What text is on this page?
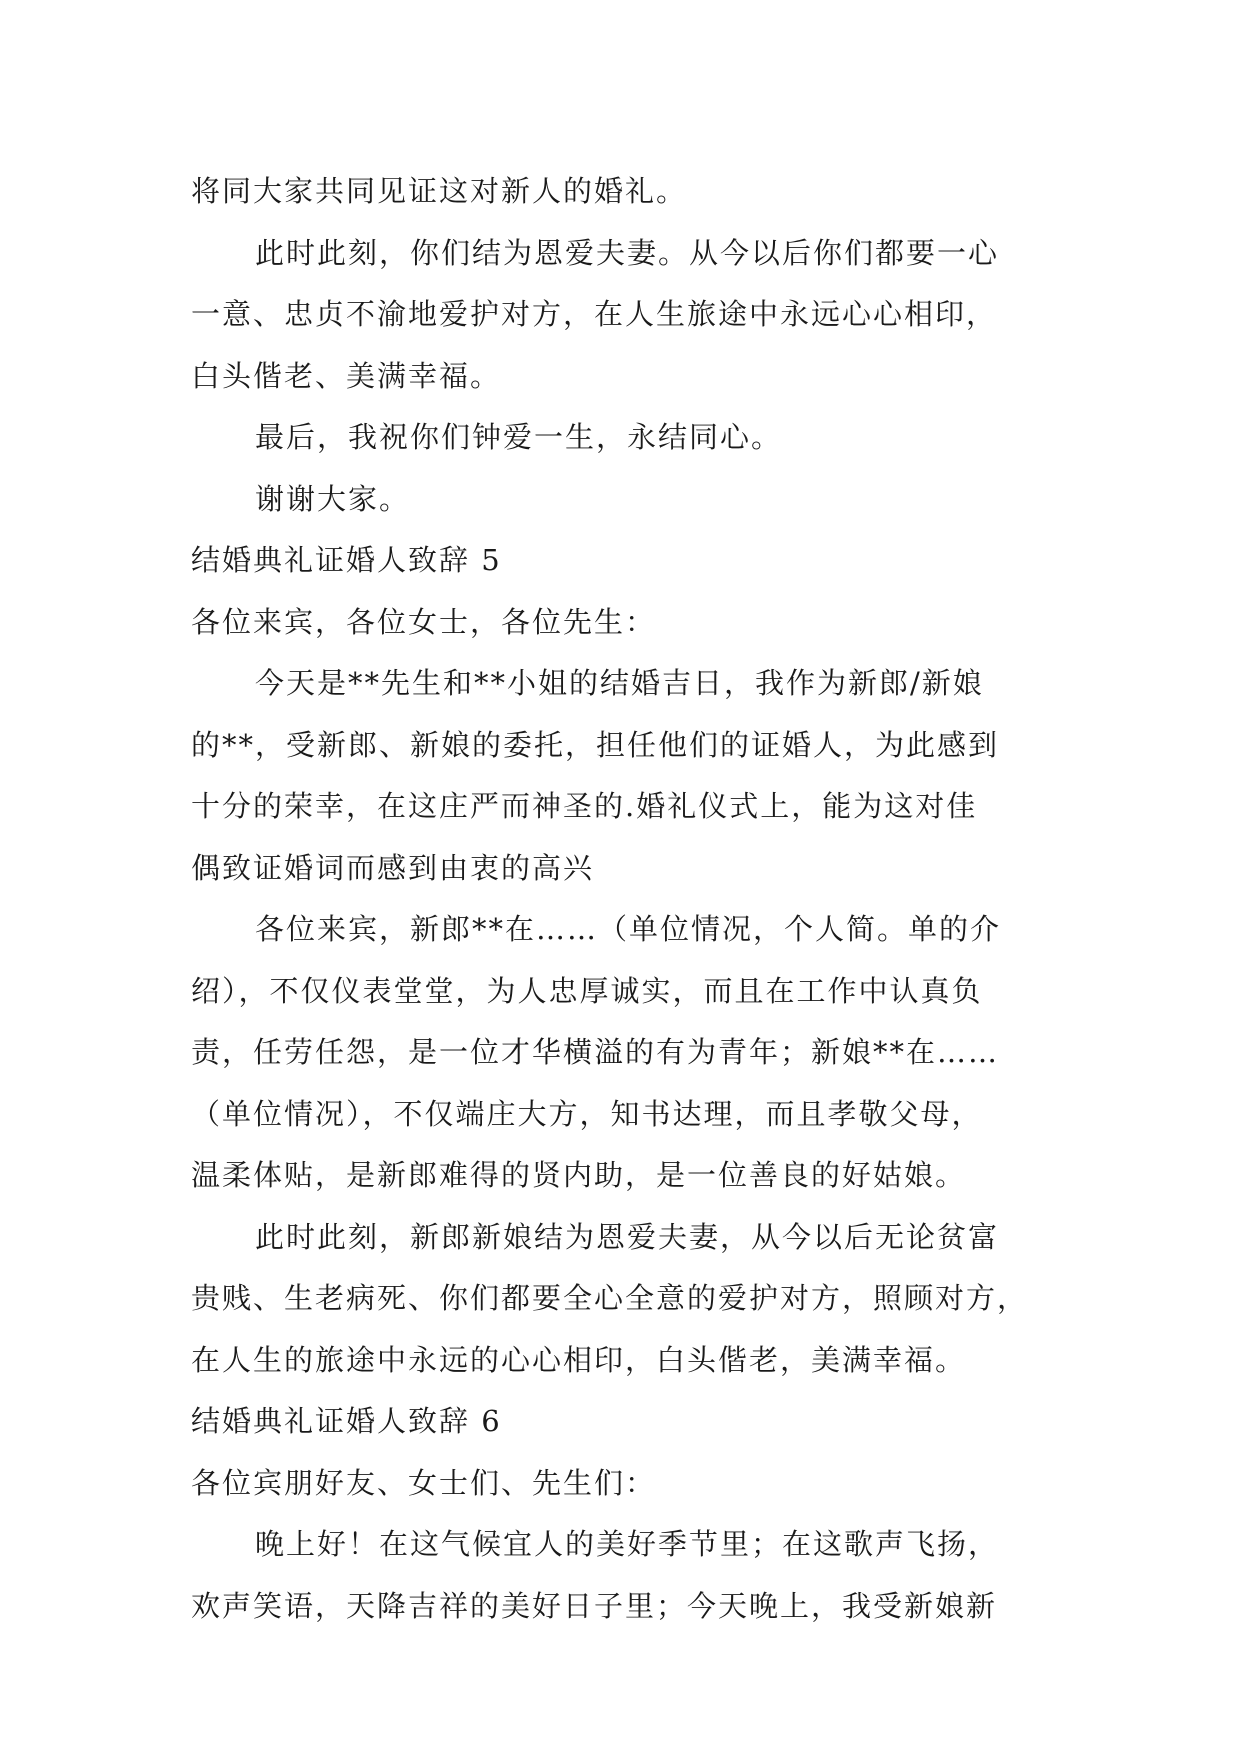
将同大家共同见证这对新人的婚礼。
此时此刻，你们结为恩爱夫妻。从今以后你们都要一心
一意、忠贞不渝地爱护对方，在人生旅途中永远心心相印，
白头偕老、美满幸福。
最后，我祝你们钟爱一生，永结同心。
谢谢大家。
结婚典礼证婚人致辞 5
各位来宾，各位女士，各位先生：
今天是**先生和**小姐的结婚吉日，我作为新郎/新娘
的**，受新郎、新娘的委托，担任他们的证婚人，为此感到
十分的荣幸，在这庄严而神圣的.婚礼仪式上，能为这对佳
偶致证婚词而感到由衷的高兴
各位来宾，新郎**在……（单位情况，个人简。单的介
绍），不仅仪表堂堂，为人忠厚诚实，而且在工作中认真负
责，任劳任怨，是一位才华横溢的有为青年；新娘**在……
（单位情况），不仅端庄大方，知书达理，而且孝敬父母，
温柔体贴，是新郎难得的贤内助，是一位善良的好姑娘。
此时此刻，新郎新娘结为恩爱夫妻，从今以后无论贫富
贵贱、生老病死、你们都要全心全意的爱护对方，照顾对方，
在人生的旅途中永远的心心相印，白头偕老，美满幸福。
结婚典礼证婚人致辞 6
各位宾朋好友、女士们、先生们：
晚上好！在这气候宜人的美好季节里；在这歌声飞扬，
欢声笑语，天降吉祥的美好日子里；今天晚上，我受新娘新
